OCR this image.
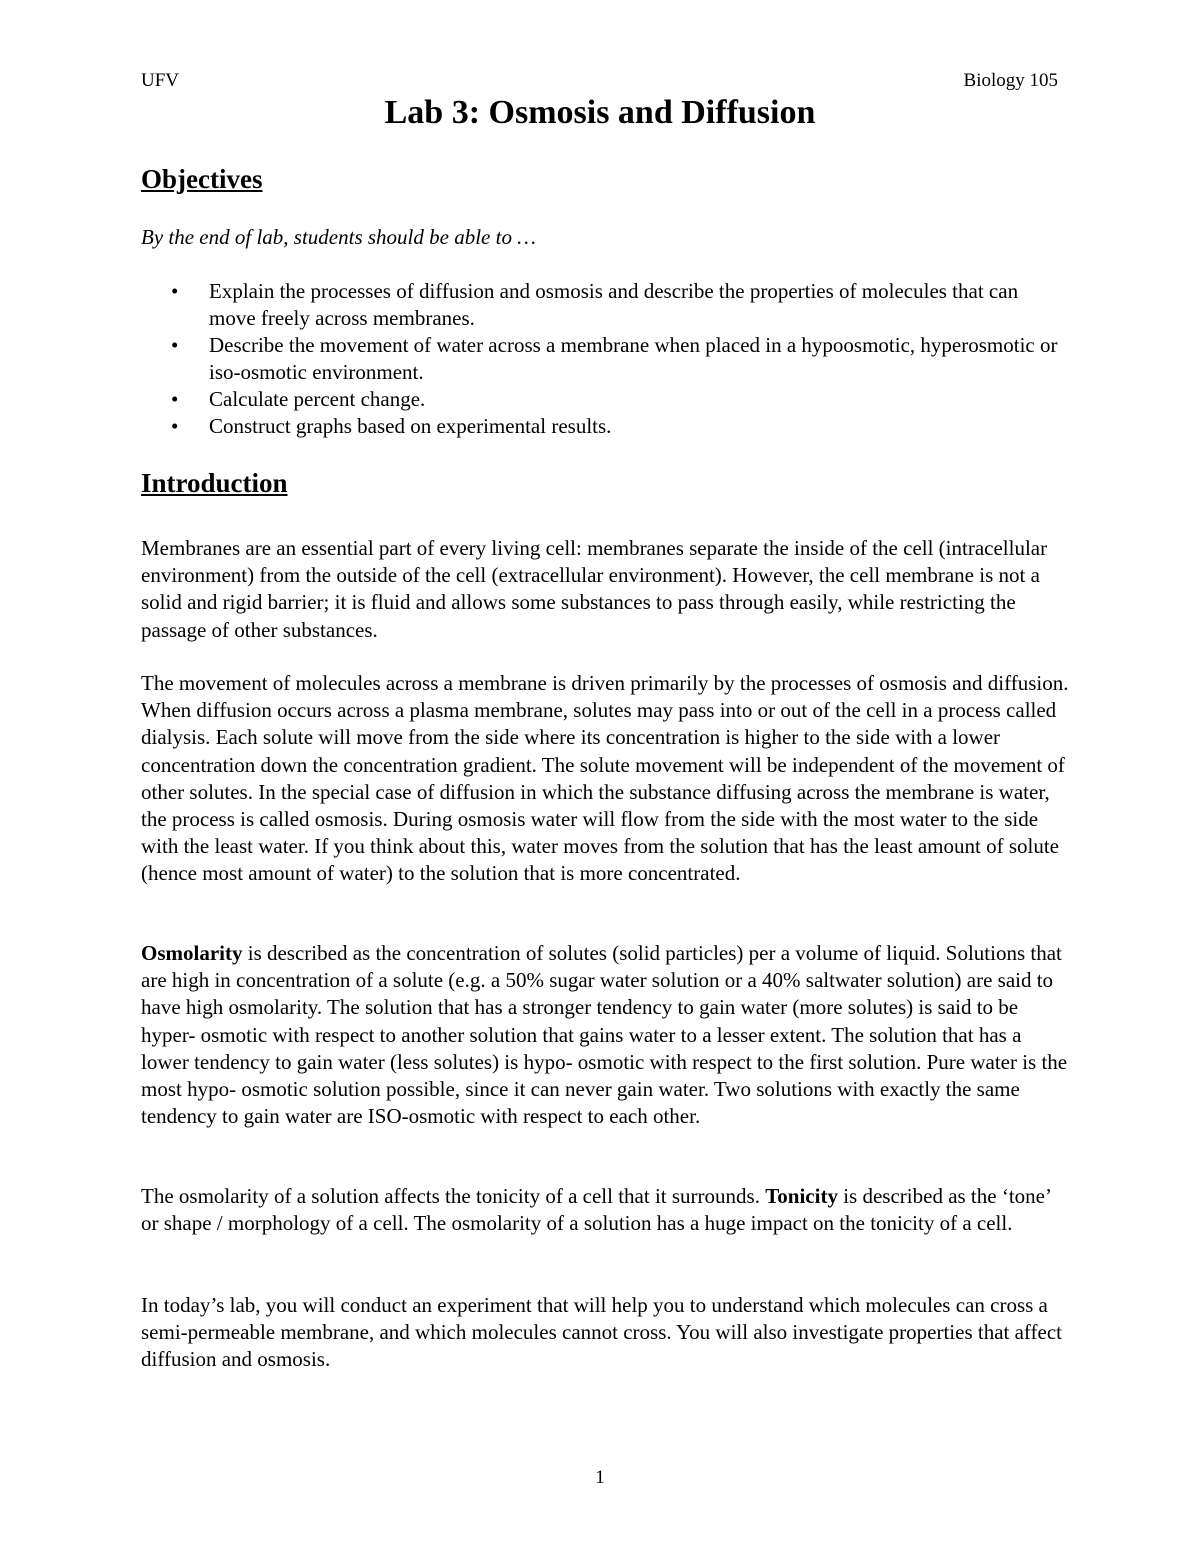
UFV	Biology 105
Lab 3: Osmosis and Diffusion
Objectives

By the end of lab, students should be able to …

• Explain the processes of diffusion and osmosis and describe the properties of molecules that can move freely across membranes.
• Describe the movement of water across a membrane when placed in a hypoosmotic, hyperosmotic or iso-osmotic environment.
• Calculate percent change.
• Construct graphs based on experimental results.
Introduction

Membranes are an essential part of every living cell: membranes separate the inside of the cell (intracellular environment) from the outside of the cell (extracellular environment). However, the cell membrane is not a solid and rigid barrier; it is fluid and allows some substances to pass through easily, while restricting the passage of other substances.

The movement of molecules across a membrane is driven primarily by the processes of osmosis and diffusion. When diffusion occurs across a plasma membrane, solutes may pass into or out of the cell in a process called dialysis. Each solute will move from the side where its concentration is higher to the side with a lower concentration down the concentration gradient. The solute movement will be independent of the movement of other solutes. In the special case of diffusion in which the substance diffusing across the membrane is water, the process is called osmosis. During osmosis water will flow from the side with the most water to the side with the least water. If you think about this, water moves from the solution that has the least amount of solute (hence most amount of water) to the solution that is more concentrated.

Osmolarity is described as the concentration of solutes (solid particles) per a volume of liquid. Solutions that are high in concentration of a solute (e.g. a 50% sugar water solution or a 40% saltwater solution) are said to have high osmolarity. The solution that has a stronger tendency to gain water (more solutes) is said to be hyper- osmotic with respect to another solution that gains water to a lesser extent. The solution that has a lower tendency to gain water (less solutes) is hypo- osmotic with respect to the first solution. Pure water is the most hypo- osmotic solution possible, since it can never gain water. Two solutions with exactly the same tendency to gain water are ISO-osmotic with respect to each other.

The osmolarity of a solution affects the tonicity of a cell that it surrounds. Tonicity is described as the ‘tone’ or shape / morphology of a cell. The osmolarity of a solution has a huge impact on the tonicity of a cell.

In today’s lab, you will conduct an experiment that will help you to understand which molecules can cross a semi-permeable membrane, and which molecules cannot cross. You will also investigate properties that affect diffusion and osmosis.

1
